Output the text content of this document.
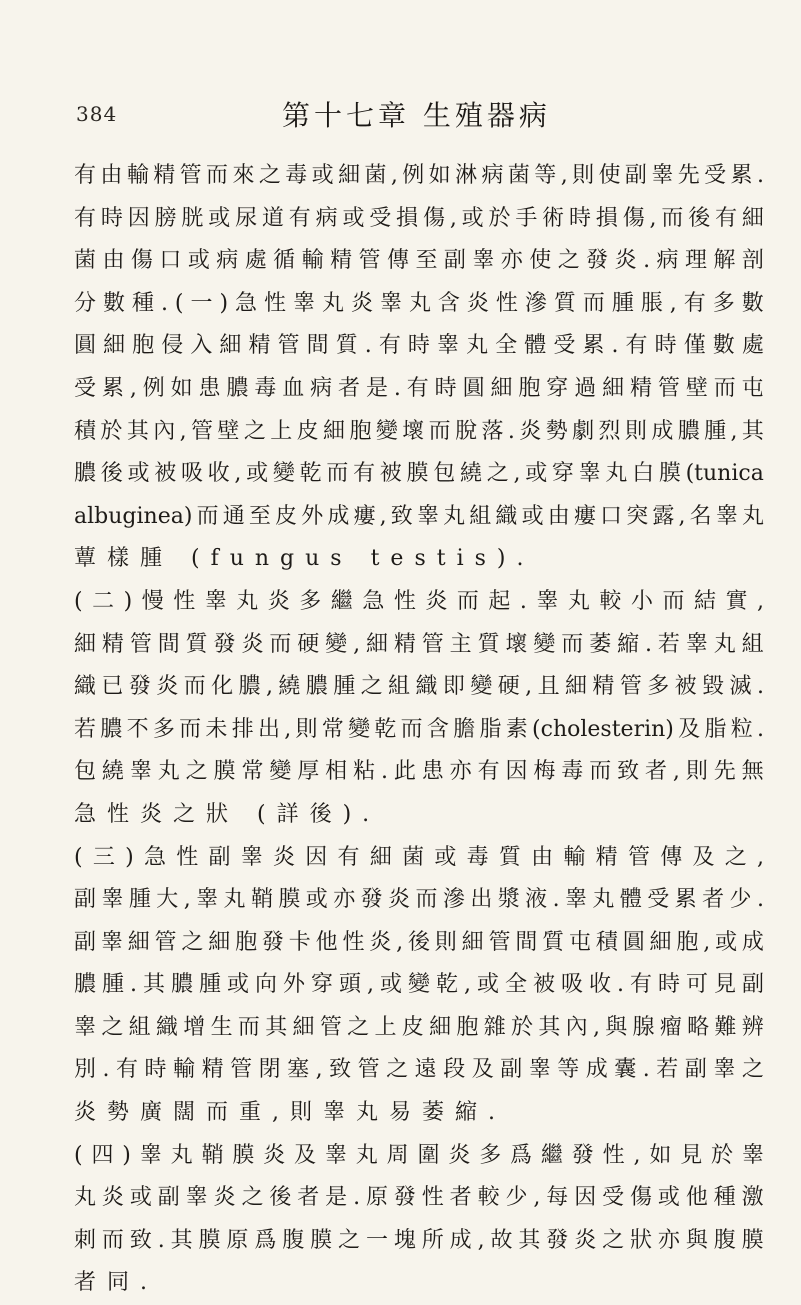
384	第十七章 生殖器病
有 由 輸 精 管 而 來 之 毒 或 細 菌 , 例 如 淋 病 菌 等 , 則 使 副 睾 先 受 累 .
有 時 因 膀 胱 或 尿 道 有 病 或 受 損 傷 , 或 於 手 術 時 損 傷 , 而 後 有 細
菌 由 傷 口 或 病 處 循 輸 精 管 傳 至 副 睾 亦 使 之 發 炎 . 病 理 解 剖
分 數 種 . ( 一 ) 急 性 睾 丸 炎 睾 丸 含 炎 性 滲 質 而 腫 脹 , 有 多 數
圓 細 胞 侵 入 細 精 管 間 質 . 有 時 睾 丸 全 體 受 累 . 有 時 僅 數 處
受 累 , 例 如 患 膿 毒 血 病 者 是 . 有 時 圓 細 胞 穿 過 細 精 管 壁 而 屯
積 於 其 內 , 管 壁 之 上 皮 細 胞 變 壞 而 脫 落 . 炎 勢 劇 烈 則 成 膿 腫 , 其
膿 後 或 被 吸 收 , 或 變 乾 而 有 被 膜 包 繞 之 , 或 穿 睾 丸 白 膜 (tunica
albuginea) 而 通 至 皮 外 成 瘻 , 致 睾 丸 組 織 或 由 瘻 口 突 露 , 名 睾 丸
蕈樣腫 (fungus testis).
( 二 ) 慢 性 睾 丸 炎 多 繼 急 性 炎 而 起 . 睾 丸 較 小 而 結 實 ,
細 精 管 間 質 發 炎 而 硬 變 , 細 精 管 主 質 壞 變 而 萎 縮 . 若 睾 丸 組
織 已 發 炎 而 化 膿 , 繞 膿 腫 之 組 織 即 變 硬 , 且 細 精 管 多 被 毀 滅 .
若 膿 不 多 而 未 排 出 , 則 常 變 乾 而 含 膽 脂 素 (cholesterin) 及 脂 粒 .
包 繞 睾 丸 之 膜 常 變 厚 相 粘 . 此 患 亦 有 因 梅 毒 而 致 者 , 則 先 無
急性炎之狀 (詳後).
( 三 ) 急 性 副 睾 炎 因 有 細 菌 或 毒 質 由 輸 精 管 傳 及 之 ,
副 睾 腫 大 , 睾 丸 鞘 膜 或 亦 發 炎 而 滲 出 漿 液 . 睾 丸 體 受 累 者 少 .
副 睾 細 管 之 細 胞 發 卡 他 性 炎 , 後 則 細 管 間 質 屯 積 圓 細 胞 , 或 成
膿 腫 . 其 膿 腫 或 向 外 穿 頭 , 或 變 乾 , 或 全 被 吸 收 . 有 時 可 見 副
睾 之 組 織 增 生 而 其 細 管 之 上 皮 細 胞 雜 於 其 內 , 與 腺 瘤 略 難 辨
別 . 有 時 輸 精 管 閉 塞 , 致 管 之 遠 段 及 副 睾 等 成 囊 . 若 副 睾 之
炎勢廣闊而重,則睾丸易萎縮.
( 四 ) 睾 丸 鞘 膜 炎 及 睾 丸 周 圍 炎 多 爲 繼 發 性 , 如 見 於 睾
丸 炎 或 副 睾 炎 之 後 者 是 . 原 發 性 者 較 少 , 每 因 受 傷 或 他 種 激
刺 而 致 . 其 膜 原 爲 腹 膜 之 一 塊 所 成 , 故 其 發 炎 之 狀 亦 與 腹 膜
者同.
